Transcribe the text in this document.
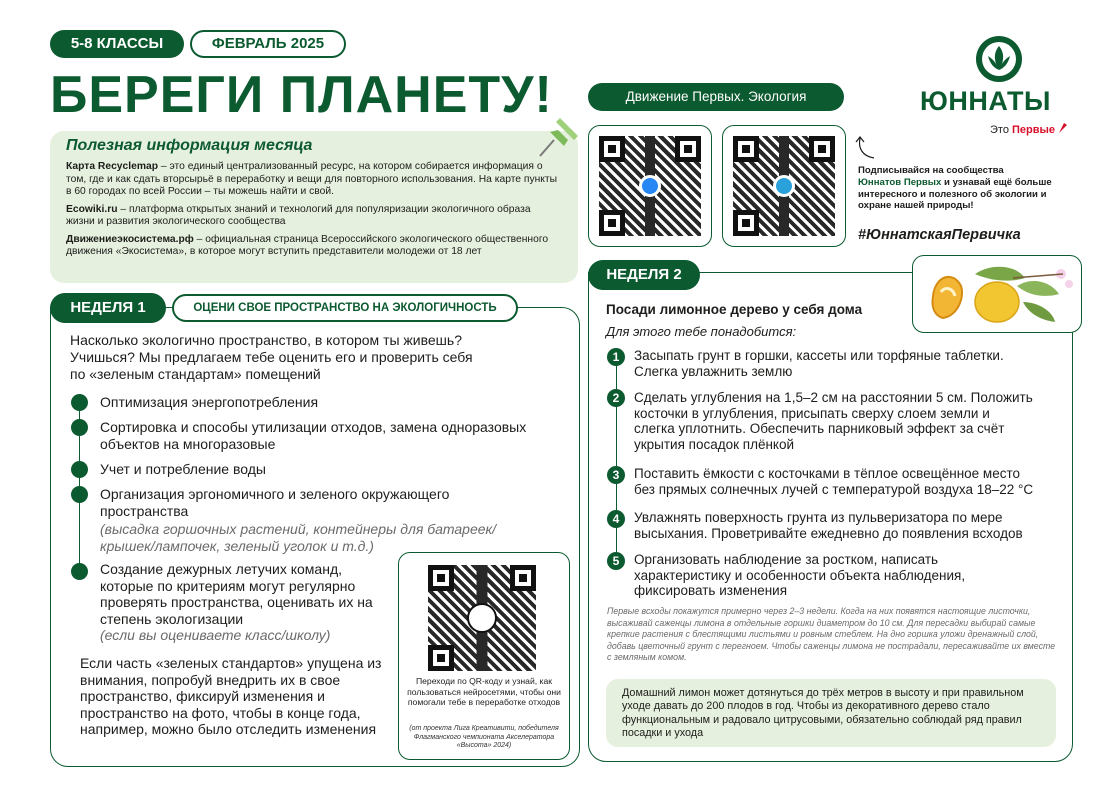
5-8 КЛАССЫ	ФЕВРАЛЬ 2025
БЕРЕГИ ПЛАНЕТУ!	Движение Первых. Экология	ЮННАТЫ
Это Первые
Полезная информация месяца

Карта Recyclemap – это единый централизованный ресурс, на котором собирается информация о том, где и как сдать вторсырьё в переработку и вещи для повторного использования. На карте пункты в 60 городах по всей России – ты можешь найти и свой.

Ecowiki.ru – платформа открытых знаний и технологий для популяризации экологичного образа жизни и развития экологического сообщества

Движениеэкосистема.рф – официальная страница Всероссийского экологического общественного движения «Экосистема», в которое могут вступить представители молодежи от 18 лет

Подписывайся на сообщества
Юннатов Первых и узнавай ещё больше интересного и полезного об экологии и охране нашей природы!
#ЮннатскаяПервичка
НЕДЕЛЯ 1	ОЦЕНИ СВОЕ ПРОСТРАНСТВО НА ЭКОЛОГИЧНОСТЬ
Насколько экологично пространство, в котором ты живешь? Учишься? Мы предлагаем тебе оценить его и проверить себя по «зеленым стандартам» помещений
Оптимизация энергопотребления
Сортировка и способы утилизации отходов, замена одноразовых объектов на многоразовые
Учет и потребление воды
Организация эргономичного и зеленого окружающего пространства
(высадка горшочных растений, контейнеры для батареек/крышек/лампочек, зеленый уголок и т.д.)
Создание дежурных летучих команд, которые по критериям могут регулярно проверять пространства, оценивать их на степень экологизации
(если вы оцениваете класс/школу)
Если часть «зеленых стандартов» упущена из внимания, попробуй внедрить их в свое пространство, фиксируй изменения и пространство на фото, чтобы в конце года, например, можно было отследить изменения
Переходи по QR-коду и узнай, как пользоваться нейросетями, чтобы они помогали тебе в переработке отходов
(от проекта Лига Креативити, победителя Флагманского чемпионата Акселератора «Высота» 2024)
НЕДЕЛЯ 2
Посади лимонное дерево у себя дома
Для этого тебе понадобится:
1	Засыпать грунт в горшки, кассеты или торфяные таблетки. Слегка увлажнить землю
2	Сделать углубления на 1,5–2 см на расстоянии 5 см. Положить косточки в углубления, присыпать сверху слоем земли и слегка уплотнить. Обеспечить парниковый эффект за счёт укрытия посадок плёнкой
3	Поставить ёмкости с косточками в тёплое освещённое место без прямых солнечных лучей с температурой воздуха 18–22 °С
4	Увлажнять поверхность грунта из пульверизатора по мере высыхания. Проветривайте ежедневно до появления всходов
5	Организовать наблюдение за ростком, написать характеристику и особенности объекта наблюдения, фиксировать изменения
Первые всходы покажутся примерно через 2–3 недели. Когда на них появятся настоящие листочки, высаживай саженцы лимона в отдельные горшки диаметром до 10 см. Для пересадки выбирай самые крепкие растения с блестящими листьями и ровным стеблем. На дно горшка уложи дренажный слой, добавь цветочный грунт с перегноем. Чтобы саженцы лимона не пострадали, пересаживайте их вместе с земляным комом.
Домашний лимон может дотянуться до трёх метров в высоту и при правильном уходе давать до 200 плодов в год. Чтобы из декоративного дерево стало функциональным и радовало цитрусовыми, обязательно соблюдай ряд правил посадки и ухода
